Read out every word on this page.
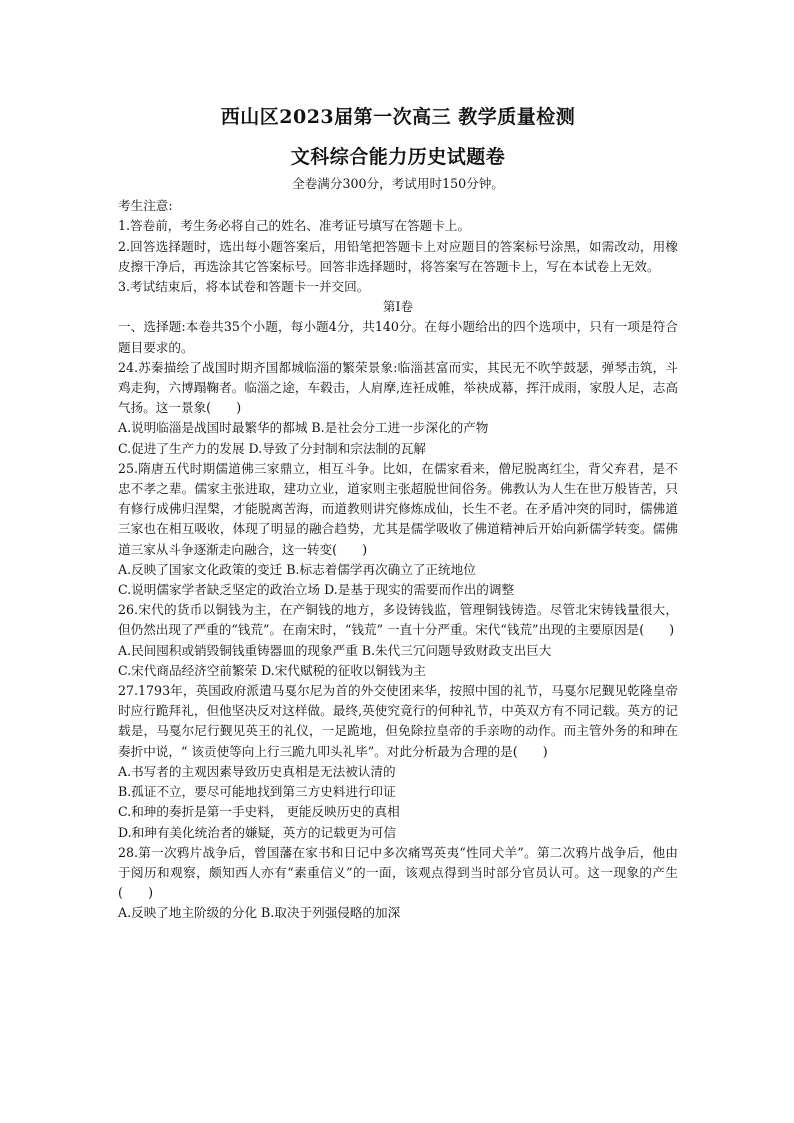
西山区2023届第一次高三 教学质量检测
文科综合能力历史试题卷
全卷满分300分，考试用时150分钟。

考生注意:

1.答卷前，考生务必将自己的姓名、准考证号填写在答题卡上。

2.回答选择题时，选出每小题答案后，用铅笔把答题卡上对应题目的答案标号涂黑，如需改动，用橡皮擦干净后，再选涂其它答案标号。回答非选择题时，将答案写在答题卡上，写在本试卷上无效。

3.考试结束后，将本试卷和答题卡一并交回。

第Ⅰ卷

一、选择题:本卷共35个小题，每小题4分，共140分。在每小题给出的四个选项中，只有一项是符合题目要求的。

24.苏秦描绘了战国时期齐国都城临淄的繁荣景象:临淄甚富而实，其民无不吹竽鼓瑟，弹琴击筑，斗鸡走狗，六博蹋鞠者。临淄之途，车毂击，人肩摩,连衽成帷，举袂成幕，挥汗成雨，家殷人足，志高气扬。这一景象(　　)

A.说明临淄是战国时最繁华的都城 B.是社会分工进一步深化的产物

C.促进了生产力的发展 D.导致了分封制和宗法制的瓦解

25.隋唐五代时期儒道佛三家鼎立，相互斗争。比如，在儒家看来，僧尼脱离红尘，背父弃君，是不忠不孝之辈。儒家主张进取，建功立业，道家则主张超脱世间俗务。佛教认为人生在世万般皆苦，只有修行成佛归涅槃，才能脱离苦海，而道教则讲究修炼成仙，长生不老。在矛盾冲突的同时，儒佛道三家也在相互吸收，体现了明显的融合趋势，尤其是儒学吸收了佛道精神后开始向新儒学转变。儒佛道三家从斗争逐渐走向融合，这一转变(　　)

A.反映了国家文化政策的变迁 B.标志着儒学再次确立了正统地位

C.说明儒家学者缺乏坚定的政治立场 D.是基于现实的需要而作出的调整

26.宋代的货币以铜钱为主，在产铜钱的地方，多设铸钱监，管理铜钱铸造。尽管北宋铸钱量很大，但仍然出现了严重的“钱荒”。在南宋时，“钱荒” 一直十分严重。宋代“钱荒”出现的主要原因是(　　)

A.民间囤积或销毁铜钱重铸器皿的现象严重 B.朱代三冗问题导致财政支出巨大

C.宋代商品经济空前繁荣 D.宋代赋税的征收以铜钱为主

27.1793年，英国政府派遣马戛尔尼为首的外交使团来华，按照中国的礼节，马戛尔尼觐见乾隆皇帝时应行跪拜礼，但他坚决反对这样做。最终,英使究竟行的何种礼节，中英双方有不同记载。英方的记载是，马戛尔尼行觐见英王的礼仪，一足跪地，但免除拉皇帝的手亲吻的动作。而主管外务的和珅在奏折中说，“ 该贡使等向上行三跪九叩头礼毕”。对此分析最为合理的是(　　)

A.书写者的主观因素导致历史真相是无法被认清的

B.孤证不立，要尽可能地找到第三方史料进行印证

C.和珅的奏折是第一手史料， 更能反映历史的真相

D.和珅有美化统治者的嫌疑，英方的记载更为可信

28.第一次鸦片战争后，曾国藩在家书和日记中多次痛骂英夷“性同犬羊”。第二次鸦片战争后，他由于阅历和观察，颇知西人亦有“素重信义”的一面，该观点得到当时部分官员认可。这一现象的产生(　　)

A.反映了地主阶级的分化 B.取决于列强侵略的加深
